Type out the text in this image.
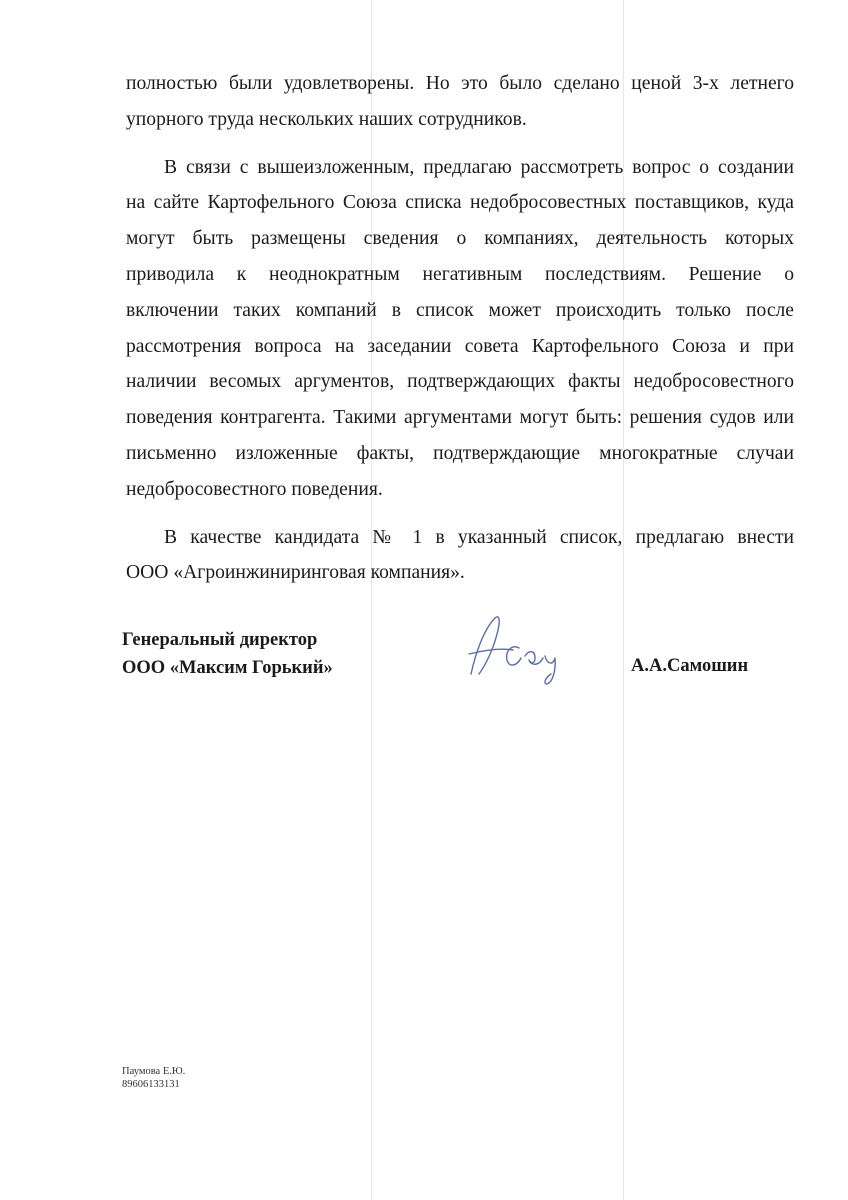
полностью были удовлетворены. Но это было сделано ценой 3-х летнего
упорного труда нескольких наших сотрудников.
В связи с вышеизложенным, предлагаю рассмотреть вопрос о создании
на сайте Картофельного Союза списка недобросовестных поставщиков, куда
могут быть размещены сведения о компаниях, деятельность которых
приводила к неоднократным негативным последствиям. Решение о
включении таких компаний в список может происходить только после
рассмотрения вопроса на заседании совета Картофельного Союза и при
наличии весомых аргументов, подтверждающих факты недобросовестного
поведения контрагента. Такими аргументами могут быть: решения судов или
письменно изложенные факты, подтверждающие многократные случаи
недобросовестного поведения.
В качестве кандидата № 1 в указанный список, предлагаю внести
ООО «Агроинжиниринговая компания».
Генеральный директор
ООО «Максим Горький»	А.А.Самошин
Паумова Е.Ю.
89606133131
